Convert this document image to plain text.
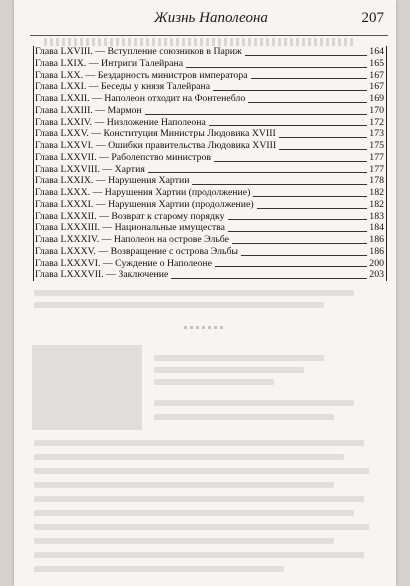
Жизнь Наполеона	207
Глава LXVIII. — Вступление союзников в Париж	164
Глава LXIX. — Интриги Талейрана	165
Глава LXX. — Бездарность министров императора	167
Глава LXXI. — Беседы у князя Талейрана	167
Глава LXXII. — Наполеон отходит на Фонтенебло	169
Глава LXXIII. — Мармон	170
Глава LXXIV. — Низложение Наполеона	172
Глава LXXV. — Конституция Министры Людовика XVIII	173
Глава LXXVI. — Ошибки правительства Людовика XVIII	175
Глава LXXVII. — Раболепство министров	177
Глава LXXVIII. — Хартия	177
Глава LXXIX. — Нарушения Хартии	178
Глава LXXX. — Нарушения Хартии (продолжение)	182
Глава LXXXI. — Нарушения Хартии (продолжение)	182
Глава LXXXII. — Возврат к старому порядку	183
Глава LXXXIII. — Национальные имущества	184
Глава LXXXIV. — Наполеон на острове Эльбе	186
Глава LXXXV. — Возвращение с острова Эльбы	186
Глава LXXXVI. — Суждение о Наполеоне	200
Глава LXXXVII. — Заключение	203
